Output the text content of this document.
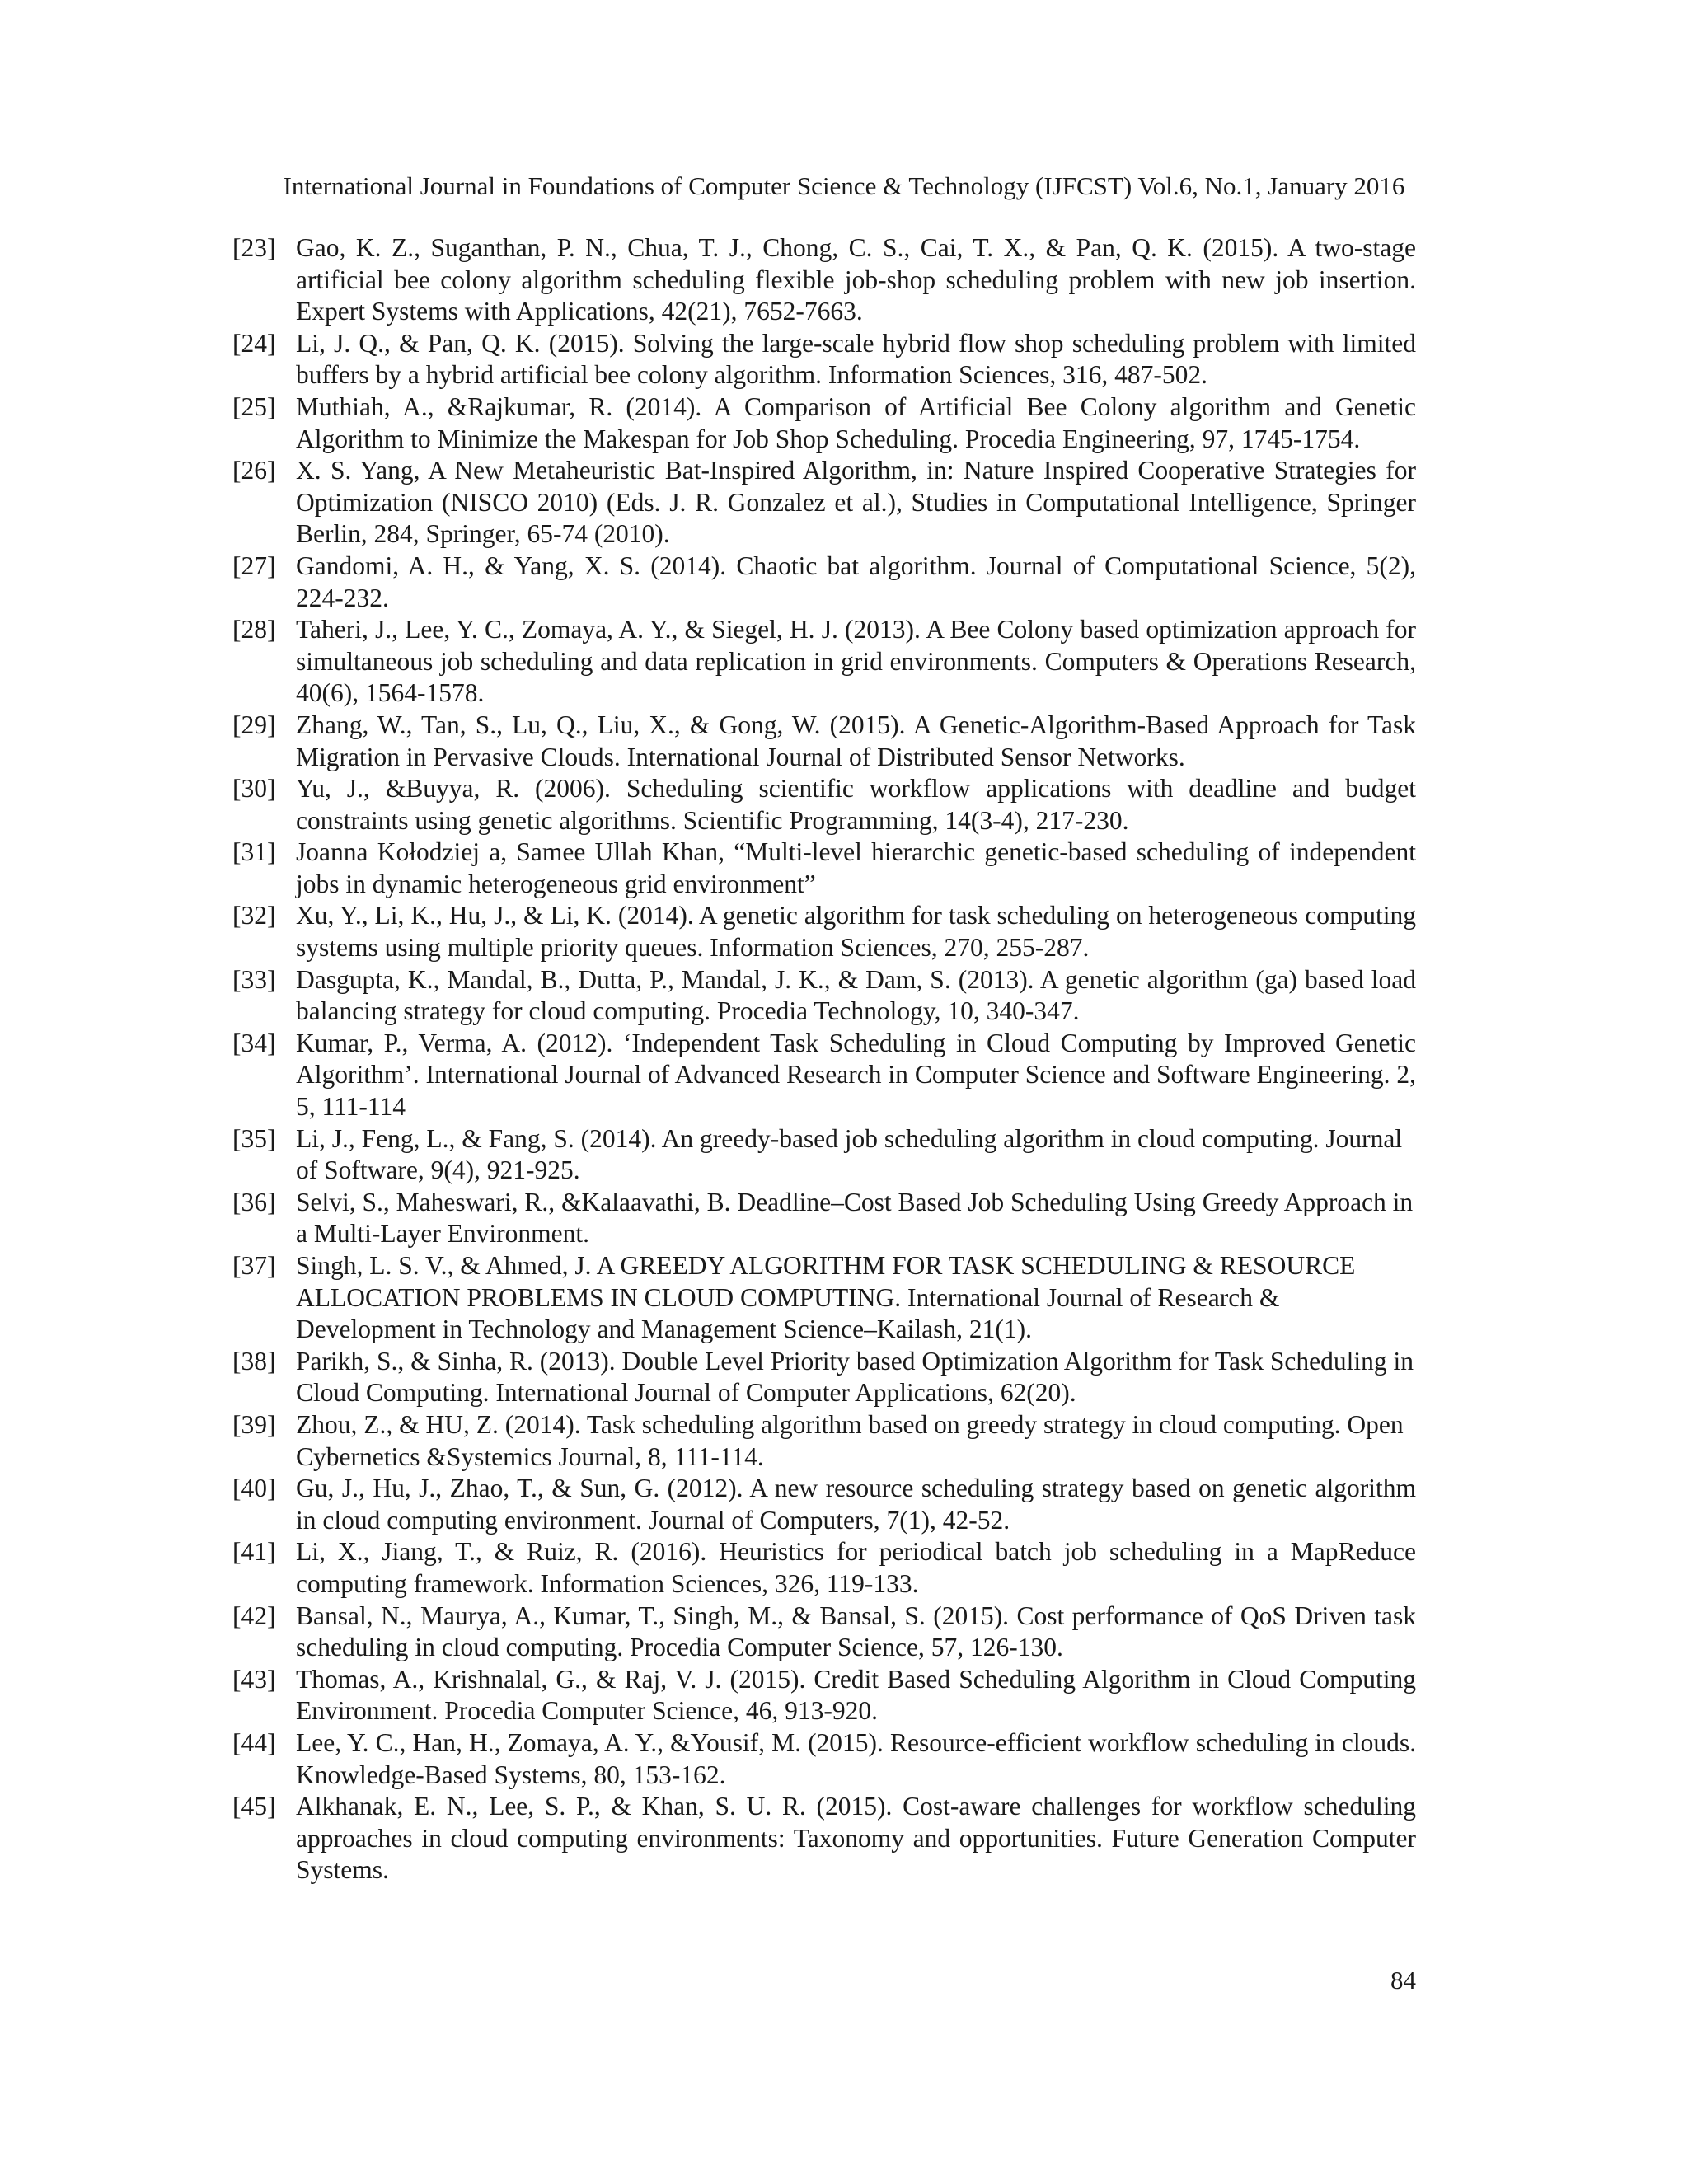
International Journal in Foundations of Computer Science & Technology (IJFCST) Vol.6, No.1, January 2016
[23] Gao, K. Z., Suganthan, P. N., Chua, T. J., Chong, C. S., Cai, T. X., & Pan, Q. K. (2015). A two-stage artificial bee colony algorithm scheduling flexible job-shop scheduling problem with new job insertion. Expert Systems with Applications, 42(21), 7652-7663.
[24] Li, J. Q., & Pan, Q. K. (2015). Solving the large-scale hybrid flow shop scheduling problem with limited buffers by a hybrid artificial bee colony algorithm. Information Sciences, 316, 487-502.
[25] Muthiah, A., &Rajkumar, R. (2014). A Comparison of Artificial Bee Colony algorithm and Genetic Algorithm to Minimize the Makespan for Job Shop Scheduling. Procedia Engineering, 97, 1745-1754.
[26] X. S. Yang, A New Metaheuristic Bat-Inspired Algorithm, in: Nature Inspired Cooperative Strategies for Optimization (NISCO 2010) (Eds. J. R. Gonzalez et al.), Studies in Computational Intelligence, Springer Berlin, 284, Springer, 65-74 (2010).
[27] Gandomi, A. H., & Yang, X. S. (2014). Chaotic bat algorithm. Journal of Computational Science, 5(2), 224-232.
[28] Taheri, J., Lee, Y. C., Zomaya, A. Y., & Siegel, H. J. (2013). A Bee Colony based optimization approach for simultaneous job scheduling and data replication in grid environments. Computers & Operations Research, 40(6), 1564-1578.
[29] Zhang, W., Tan, S., Lu, Q., Liu, X., & Gong, W. (2015). A Genetic-Algorithm-Based Approach for Task Migration in Pervasive Clouds. International Journal of Distributed Sensor Networks.
[30] Yu, J., &Buyya, R. (2006). Scheduling scientific workflow applications with deadline and budget constraints using genetic algorithms. Scientific Programming, 14(3-4), 217-230.
[31] Joanna Kołodziej a, Samee Ullah Khan, “Multi-level hierarchic genetic-based scheduling of independent jobs in dynamic heterogeneous grid environment”
[32] Xu, Y., Li, K., Hu, J., & Li, K. (2014). A genetic algorithm for task scheduling on heterogeneous computing systems using multiple priority queues. Information Sciences, 270, 255-287.
[33] Dasgupta, K., Mandal, B., Dutta, P., Mandal, J. K., & Dam, S. (2013). A genetic algorithm (ga) based load balancing strategy for cloud computing. Procedia Technology, 10, 340-347.
[34] Kumar, P., Verma, A. (2012). ‘Independent Task Scheduling in Cloud Computing by Improved Genetic Algorithm’. International Journal of Advanced Research in Computer Science and Software Engineering. 2, 5, 111-114
[35] Li, J., Feng, L., & Fang, S. (2014). An greedy-based job scheduling algorithm in cloud computing. Journal of Software, 9(4), 921-925.
[36] Selvi, S., Maheswari, R., &Kalaavathi, B. Deadline–Cost Based Job Scheduling Using Greedy Approach in a Multi-Layer Environment.
[37] Singh, L. S. V., & Ahmed, J. A GREEDY ALGORITHM FOR TASK SCHEDULING & RESOURCE ALLOCATION PROBLEMS IN CLOUD COMPUTING. International Journal of Research & Development in Technology and Management Science–Kailash, 21(1).
[38] Parikh, S., & Sinha, R. (2013). Double Level Priority based Optimization Algorithm for Task Scheduling in Cloud Computing. International Journal of Computer Applications, 62(20).
[39] Zhou, Z., & HU, Z. (2014). Task scheduling algorithm based on greedy strategy in cloud computing. Open Cybernetics &Systemics Journal, 8, 111-114.
[40] Gu, J., Hu, J., Zhao, T., & Sun, G. (2012). A new resource scheduling strategy based on genetic algorithm in cloud computing environment. Journal of Computers, 7(1), 42-52.
[41] Li, X., Jiang, T., & Ruiz, R. (2016). Heuristics for periodical batch job scheduling in a MapReduce computing framework. Information Sciences, 326, 119-133.
[42] Bansal, N., Maurya, A., Kumar, T., Singh, M., & Bansal, S. (2015). Cost performance of QoS Driven task scheduling in cloud computing. Procedia Computer Science, 57, 126-130.
[43] Thomas, A., Krishnalal, G., & Raj, V. J. (2015). Credit Based Scheduling Algorithm in Cloud Computing Environment. Procedia Computer Science, 46, 913-920.
[44] Lee, Y. C., Han, H., Zomaya, A. Y., &Yousif, M. (2015). Resource-efficient workflow scheduling in clouds. Knowledge-Based Systems, 80, 153-162.
[45] Alkhanak, E. N., Lee, S. P., & Khan, S. U. R. (2015). Cost-aware challenges for workflow scheduling approaches in cloud computing environments: Taxonomy and opportunities. Future Generation Computer Systems.
84
